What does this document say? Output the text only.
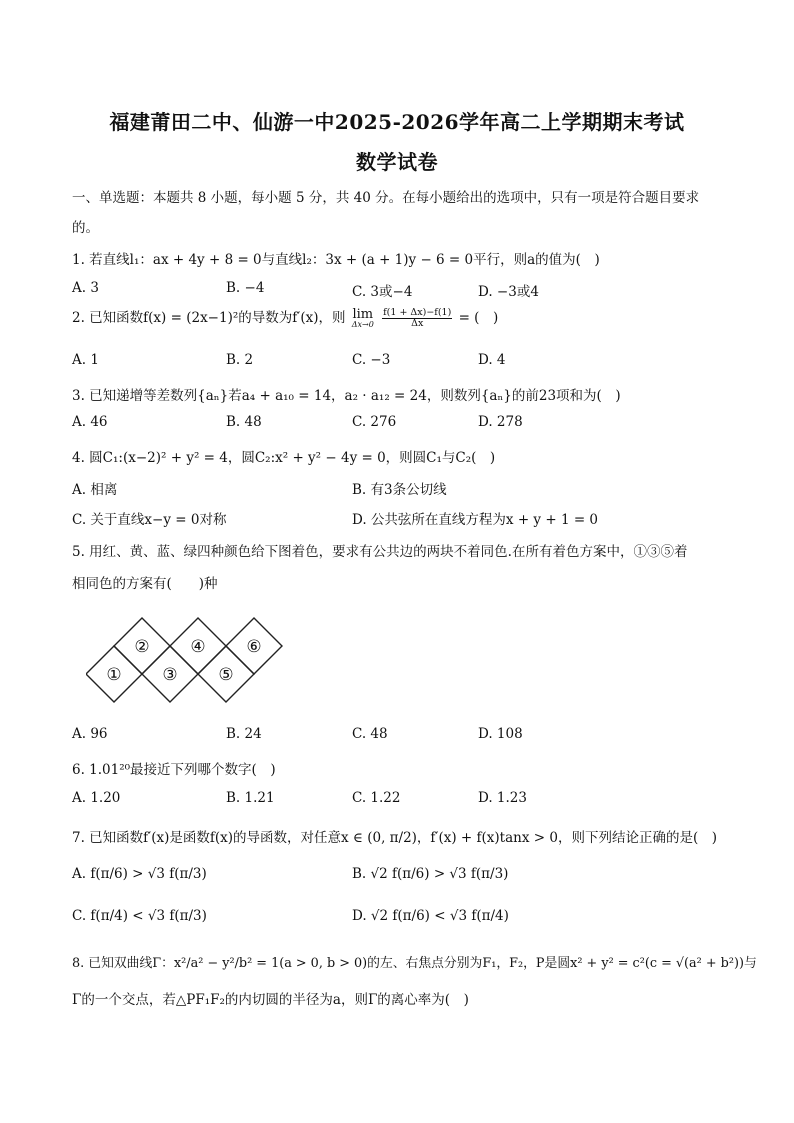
福建莆田二中、仙游一中2025-2026学年高二上学期期末考试
数学试卷
一、单选题：本题共 8 小题，每小题 5 分，共 40 分。在每小题给出的选项中，只有一项是符合题目要求
的。
1. 若直线l₁：ax + 4y + 8 = 0与直线l₂：3x + (a + 1)y − 6 = 0平行，则a的值为(　)
A. 3	B. −4	C. 3或−4	D. −3或4
2. 已知函数f(x) = (2x−1)²的导数为f′(x)，则 lim
Δx→0
$\frac{f(1 + \Delta x)-f(1)}{\Delta x}$ = (　)
A. 1	B. 2	C. −3	D. 4
3. 已知递增等差数列{aₙ}若a₄ + a₁₀ = 14，a₂ · a₁₂ = 24，则数列{aₙ}的前23项和为(　)
A. 46	B. 48	C. 276	D. 278
4. 圆C₁:(x−2)² + y² = 4，圆C₂:x² + y² − 4y = 0，则圆C₁与C₂(　)
A. 相离	B. 有3条公切线
C. 关于直线x−y = 0对称	D. 公共弦所在直线方程为x + y + 1 = 0
5. 用红、黄、蓝、绿四种颜色给下图着色，要求有公共边的两块不着同色.在所有着色方案中，①③⑤着
相同色的方案有(　　)种
①
②
③
④
⑤
⑥
A. 96	B. 24	C. 48	D. 108
6. 1.01²⁰最接近下列哪个数字(　)
A. 1.20	B. 1.21	C. 1.22	D. 1.23
7. 已知函数f′(x)是函数f(x)的导函数，对任意x ∈ (0, π/2)，f′(x) + f(x)tanx > 0，则下列结论正确的是(　)
A. f(π/6) > √3 f(π/3)	B. √2 f(π/6) > √3 f(π/3)
C. f(π/4) < √3 f(π/3)	D. √2 f(π/6) < √3 f(π/4)
8. 已知双曲线Γ：x²/a² − y²/b² = 1(a > 0, b > 0)的左、右焦点分别为F₁，F₂，P是圆x² + y² = c²(c = √(a² + b²))与
Γ的一个交点，若△PF₁F₂的内切圆的半径为a，则Γ的离心率为(　)
